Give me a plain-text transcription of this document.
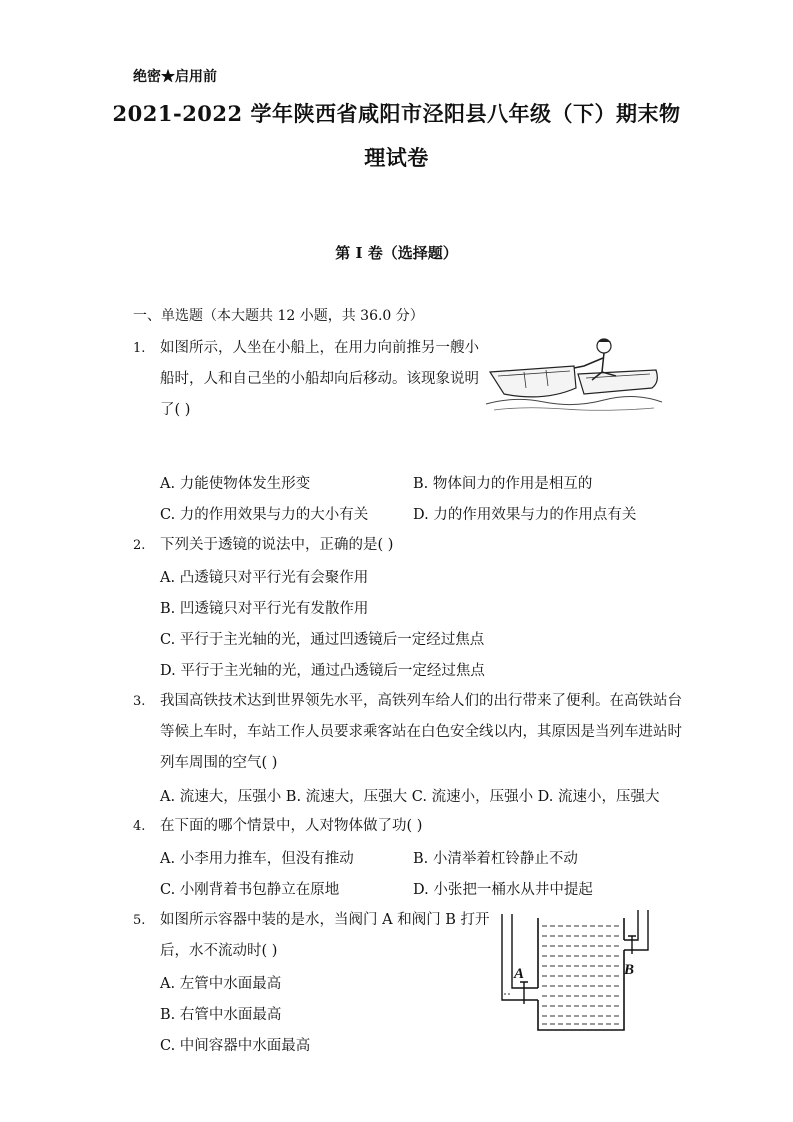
绝密★启用前
2021-2022 学年陕西省咸阳市泾阳县八年级（下）期末物
理试卷
第 I 卷（选择题）
一、单选题（本大题共 12 小题，共 36.0 分）
1. 如图所示，人坐在小船上，在用力向前推另一艘小
船时，人和自己坐的小船却向后移动。该现象说明
了( )
A. 力能使物体发生形变	B. 物体间力的作用是相互的
C. 力的作用效果与力的大小有关	D. 力的作用效果与力的作用点有关
2. 下列关于透镜的说法中，正确的是( )
A. 凸透镜只对平行光有会聚作用
B. 凹透镜只对平行光有发散作用
C. 平行于主光轴的光，通过凹透镜后一定经过焦点
D. 平行于主光轴的光，通过凸透镜后一定经过焦点
3. 我国高铁技术达到世界领先水平，高铁列车给人们的出行带来了便利。在高铁站台
等候上车时，车站工作人员要求乘客站在白色安全线以内，其原因是当列车进站时
列车周围的空气( )
A. 流速大，压强小 B. 流速大，压强大 C. 流速小，压强小 D. 流速小，压强大
4. 在下面的哪个情景中，人对物体做了功( )
A. 小李用力推车，但没有推动	B. 小清举着杠铃静止不动
C. 小刚背着书包静立在原地	D. 小张把一桶水从井中提起
5. 如图所示容器中装的是水，当阀门 A 和阀门 B 打开
后，水不流动时( )
A. 左管中水面最高
B. 右管中水面最高
C. 中间容器中水面最高
A	B
